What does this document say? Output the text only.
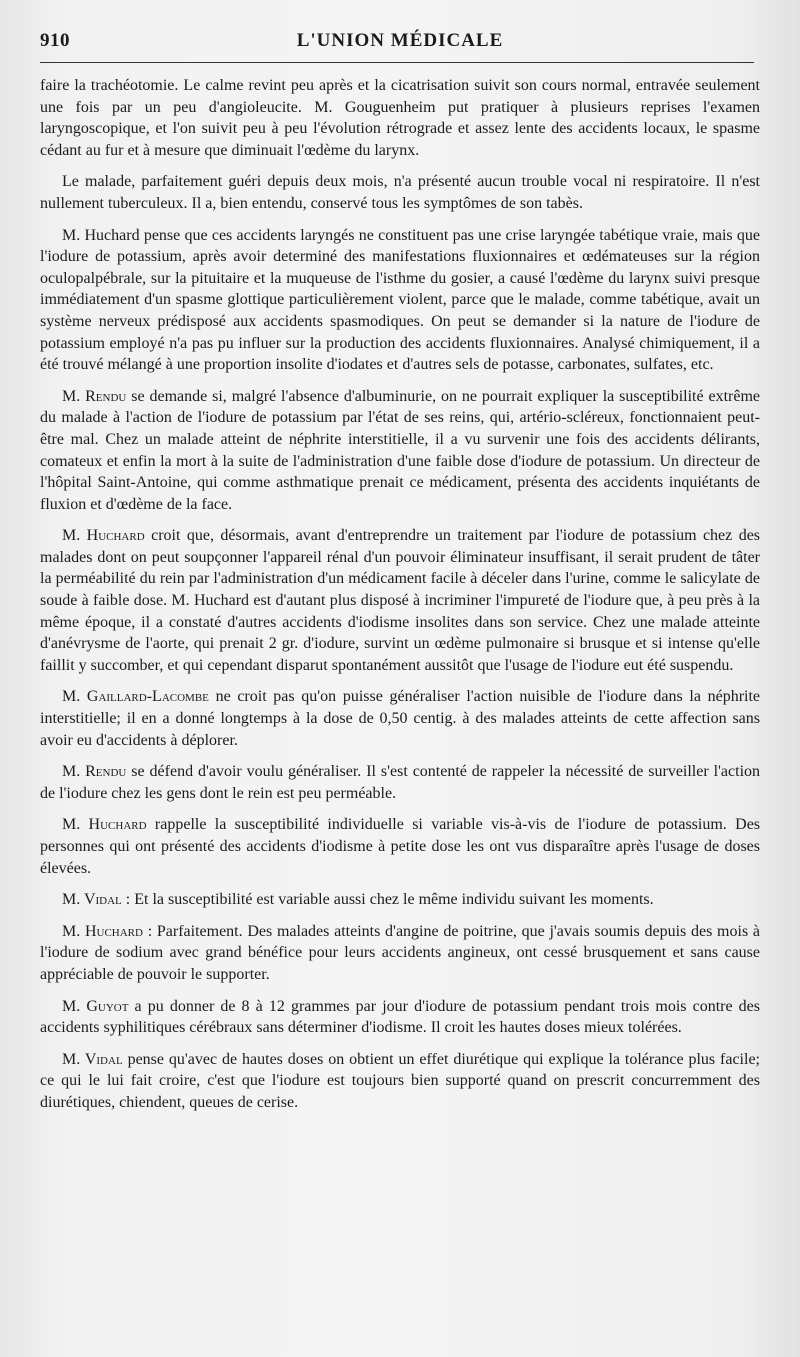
910	L'UNION MÉDICALE

faire la trachéotomie. Le calme revint peu après et la cicatrisation suivit son cours normal, entravée seulement une fois par un peu d'angioleucite. M. Gouguenheim put pratiquer à plusieurs reprises l'examen laryngoscopique, et l'on suivit peu à peu l'évolution rétrograde et assez lente des accidents locaux, le spasme cédant au fur et à mesure que diminuait l'œdème du larynx.

Le malade, parfaitement guéri depuis deux mois, n'a présenté aucun trouble vocal ni respiratoire. Il n'est nullement tuberculeux. Il a, bien entendu, conservé tous les symptômes de son tabès.

M. Huchard pense que ces accidents laryngés ne constituent pas une crise laryngée tabétique vraie, mais que l'iodure de potassium, après avoir determiné des manifestations fluxionnaires et œdémateuses sur la région oculopalpébrale, sur la pituitaire et la muqueuse de l'isthme du gosier, a causé l'œdème du larynx suivi presque immédiatement d'un spasme glottique particulièrement violent, parce que le malade, comme tabétique, avait un système nerveux prédisposé aux accidents spasmodiques. On peut se demander si la nature de l'iodure de potassium employé n'a pas pu influer sur la production des accidents fluxionnaires. Analysé chimiquement, il a été trouvé mélangé à une proportion insolite d'iodates et d'autres sels de potasse, carbonates, sulfates, etc.

M. Rendu se demande si, malgré l'absence d'albuminurie, on ne pourrait expliquer la susceptibilité extrême du malade à l'action de l'iodure de potassium par l'état de ses reins, qui, artério-scléreux, fonctionnaient peut-être mal. Chez un malade atteint de néphrite interstitielle, il a vu survenir une fois des accidents délirants, comateux et enfin la mort à la suite de l'administration d'une faible dose d'iodure de potassium. Un directeur de l'hôpital Saint-Antoine, qui comme asthmatique prenait ce médicament, présenta des accidents inquiétants de fluxion et d'œdème de la face.

M. Huchard croit que, désormais, avant d'entreprendre un traitement par l'iodure de potassium chez des malades dont on peut soupçonner l'appareil rénal d'un pouvoir éliminateur insuffisant, il serait prudent de tâter la perméabilité du rein par l'administration d'un médicament facile à déceler dans l'urine, comme le salicylate de soude à faible dose. M. Huchard est d'autant plus disposé à incriminer l'impureté de l'iodure que, à peu près à la même époque, il a constaté d'autres accidents d'iodisme insolites dans son service. Chez une malade atteinte d'anévrysme de l'aorte, qui prenait 2 gr. d'iodure, survint un œdème pulmonaire si brusque et si intense qu'elle faillit y succomber, et qui cependant disparut spontanément aussitôt que l'usage de l'iodure eut été suspendu.

M. Gaillard-Lacombe ne croit pas qu'on puisse généraliser l'action nuisible de l'iodure dans la néphrite interstitielle; il en a donné longtemps à la dose de 0,50 centig. à des malades atteints de cette affection sans avoir eu d'accidents à déplorer.

M. Rendu se défend d'avoir voulu généraliser. Il s'est contenté de rappeler la nécessité de surveiller l'action de l'iodure chez les gens dont le rein est peu perméable.

M. Huchard rappelle la susceptibilité individuelle si variable vis-à-vis de l'iodure de potassium. Des personnes qui ont présenté des accidents d'iodisme à petite dose les ont vus disparaître après l'usage de doses élevées.

M. Vidal : Et la susceptibilité est variable aussi chez le même individu suivant les moments.

M. Huchard : Parfaitement. Des malades atteints d'angine de poitrine, que j'avais soumis depuis des mois à l'iodure de sodium avec grand bénéfice pour leurs accidents angineux, ont cessé brusquement et sans cause appréciable de pouvoir le supporter.

M. Guyot a pu donner de 8 à 12 grammes par jour d'iodure de potassium pendant trois mois contre des accidents syphilitiques cérébraux sans déterminer d'iodisme. Il croit les hautes doses mieux tolérées.

M. Vidal pense qu'avec de hautes doses on obtient un effet diurétique qui explique la tolérance plus facile; ce qui le lui fait croire, c'est que l'iodure est toujours bien supporté quand on prescrit concurremment des diurétiques, chiendent, queues de cerise.
